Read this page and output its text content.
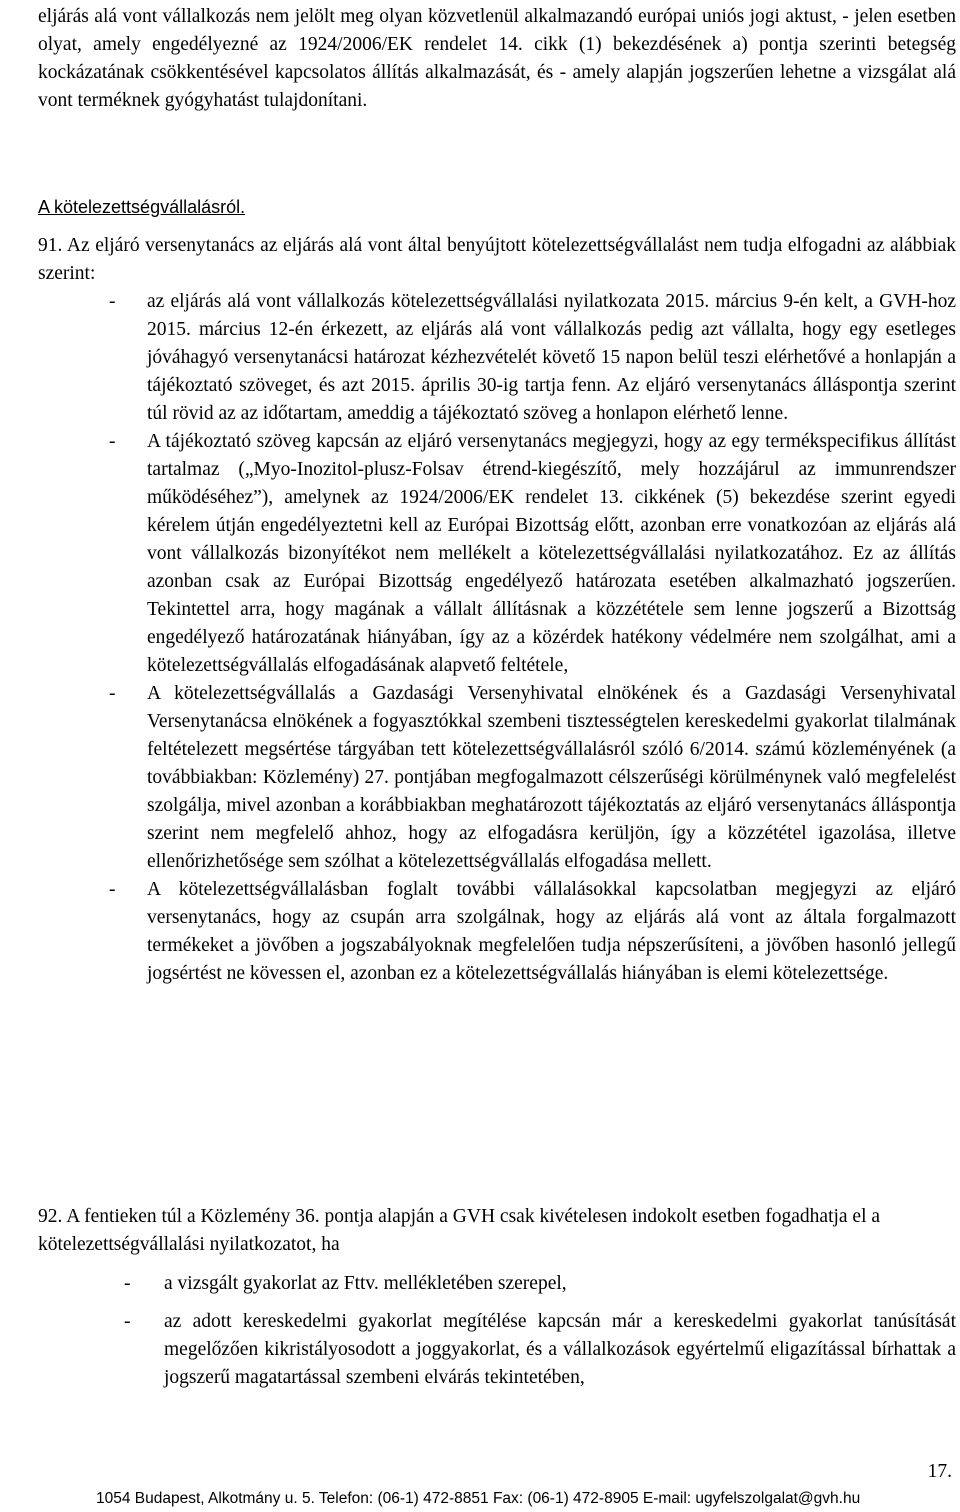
eljárás alá vont vállalkozás nem jelölt meg olyan közvetlenül alkalmazandó európai uniós jogi aktust, - jelen esetben olyat, amely engedélyezné az 1924/2006/EK rendelet 14. cikk (1) bekezdésének a) pontja szerinti betegség kockázatának csökkentésével kapcsolatos állítás alkalmazását, és - amely alapján jogszerűen lehetne a vizsgálat alá vont terméknek gyógyhatást tulajdonítani.
A kötelezettségvállalásról.
91. Az eljáró versenytanács az eljárás alá vont által benyújtott kötelezettségvállalást nem tudja elfogadni az alábbiak szerint:
- az eljárás alá vont vállalkozás kötelezettségvállalási nyilatkozata 2015. március 9-én kelt, a GVH-hoz 2015. március 12-én érkezett, az eljárás alá vont vállalkozás pedig azt vállalta, hogy egy esetleges jóváhagyó versenytanácsi határozat kézhezvételét követő 15 napon belül teszi elérhetővé a honlapján a tájékoztató szöveget, és azt 2015. április 30-ig tartja fenn. Az eljáró versenytanács álláspontja szerint túl rövid az az időtartam, ameddig a tájékoztató szöveg a honlapon elérhető lenne.
- A tájékoztató szöveg kapcsán az eljáró versenytanács megjegyzi, hogy az egy termékspecifikus állítást tartalmaz („Myo-Inozitol-plusz-Folsav étrend-kiegészítő, mely hozzájárul az immunrendszer működéséhez”), amelynek az 1924/2006/EK rendelet 13. cikkének (5) bekezdése szerint egyedi kérelem útján engedélyeztetni kell az Európai Bizottság előtt, azonban erre vonatkozóan az eljárás alá vont vállalkozás bizonyítékot nem mellékelt a kötelezettségvállalási nyilatkozatához. Ez az állítás azonban csak az Európai Bizottság engedélyező határozata esetében alkalmazható jogszerűen. Tekintettel arra, hogy magának a vállalt állításnak a közzététele sem lenne jogszerű a Bizottság engedélyező határozatának hiányában, így az a közérdek hatékony védelmére nem szolgálhat, ami a kötelezettségvállalás elfogadásának alapvető feltétele,
- A kötelezettségvállalás a Gazdasági Versenyhivatal elnökének és a Gazdasági Versenyhivatal Versenytanácsa elnökének a fogyasztókkal szembeni tisztességtelen kereskedelmi gyakorlat tilalmának feltételezett megsértése tárgyában tett kötelezettségvállalásról szóló 6/2014. számú közleményének (a továbbiakban: Közlemény) 27. pontjában megfogalmazott célszerűségi körülménynek való megfelelést szolgálja, mivel azonban a korábbiakban meghatározott tájékoztatás az eljáró versenytanács álláspontja szerint nem megfelelő ahhoz, hogy az elfogadásra kerüljön, így a közzététel igazolása, illetve ellenőrizhetősége sem szólhat a kötelezettségvállalás elfogadása mellett.
- A kötelezettségvállalásban foglalt további vállalásokkal kapcsolatban megjegyzi az eljáró versenytanács, hogy az csupán arra szolgálnak, hogy az eljárás alá vont az általa forgalmazott termékeket a jövőben a jogszabályoknak megfelelően tudja népszerűsíteni, a jövőben hasonló jellegű jogsértést ne kövessen el, azonban ez a kötelezettségvállalás hiányában is elemi kötelezettsége.
92. A fentieken túl a Közlemény 36. pontja alapján a GVH csak kivételesen indokolt esetben fogadhatja el a kötelezettségvállalási nyilatkozatot, ha
- a vizsgált gyakorlat az Fttv. mellékletében szerepel,
- az adott kereskedelmi gyakorlat megítélése kapcsán már a kereskedelmi gyakorlat tanúsítását megelőzően kikristályosodott a joggyakorlat, és a vállalkozások egyértelmű eligazítással bírhattak a jogszerű magatartással szembeni elvárás tekintetében,
17.
1054 Budapest, Alkotmány u. 5. Telefon: (06-1) 472-8851 Fax: (06-1) 472-8905 E-mail: ugyfelszolgalat@gvh.hu
